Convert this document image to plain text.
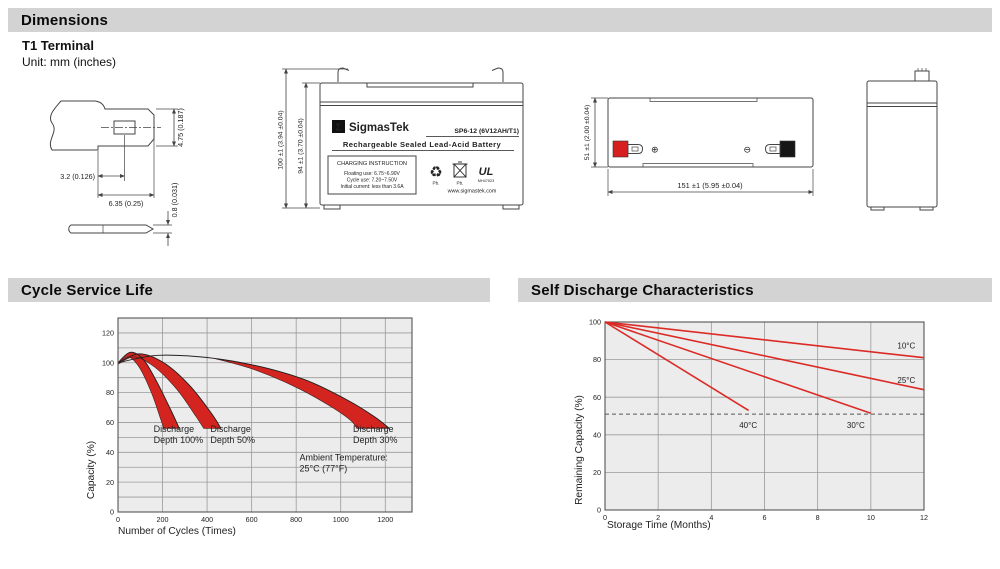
Dimensions
T1 Terminal
Unit: mm (inches)
4.75 (0.187)
3.2 (0.126)
6.35 (0.25)	0.8 (0.031)
100 ±1 (3.94 ±0.04) 94 ±1 (3.70 ±0.04)	Σ SigmasTek	SP6-12 (6V12AH/T1)
Rechargeable Sealed Lead-Acid Battery
CHARGING INSTRUCTION
Floating use: 6.75~6.90V
Cycle use: 7.20~7.50V
Initial current: less than 3.6A
♻
Pb.	Pb.
UL
MH47523
www.sigmastek.com
⊕	⊖
51 ±1 (2.00 ±0.04)
151 ±1 (5.95 ±0.04)
Cycle Service Life	Self Discharge Characteristics
Discharge
Depth 100%
Discharge
Depth 50%
Discharge
Depth 30%
Ambient Temperature:
25°C (77°F)
0
20
40
60
80
100
120
0	200	400	600	800	1000	1200
Number of Cycles (Times)
Capacity (%)
10°C
25°C
30°C
40°C
0
20
40
60
80
100
0	2	4	6	8	10	12
Storage Time (Months)
Remaining Capacity (%)
